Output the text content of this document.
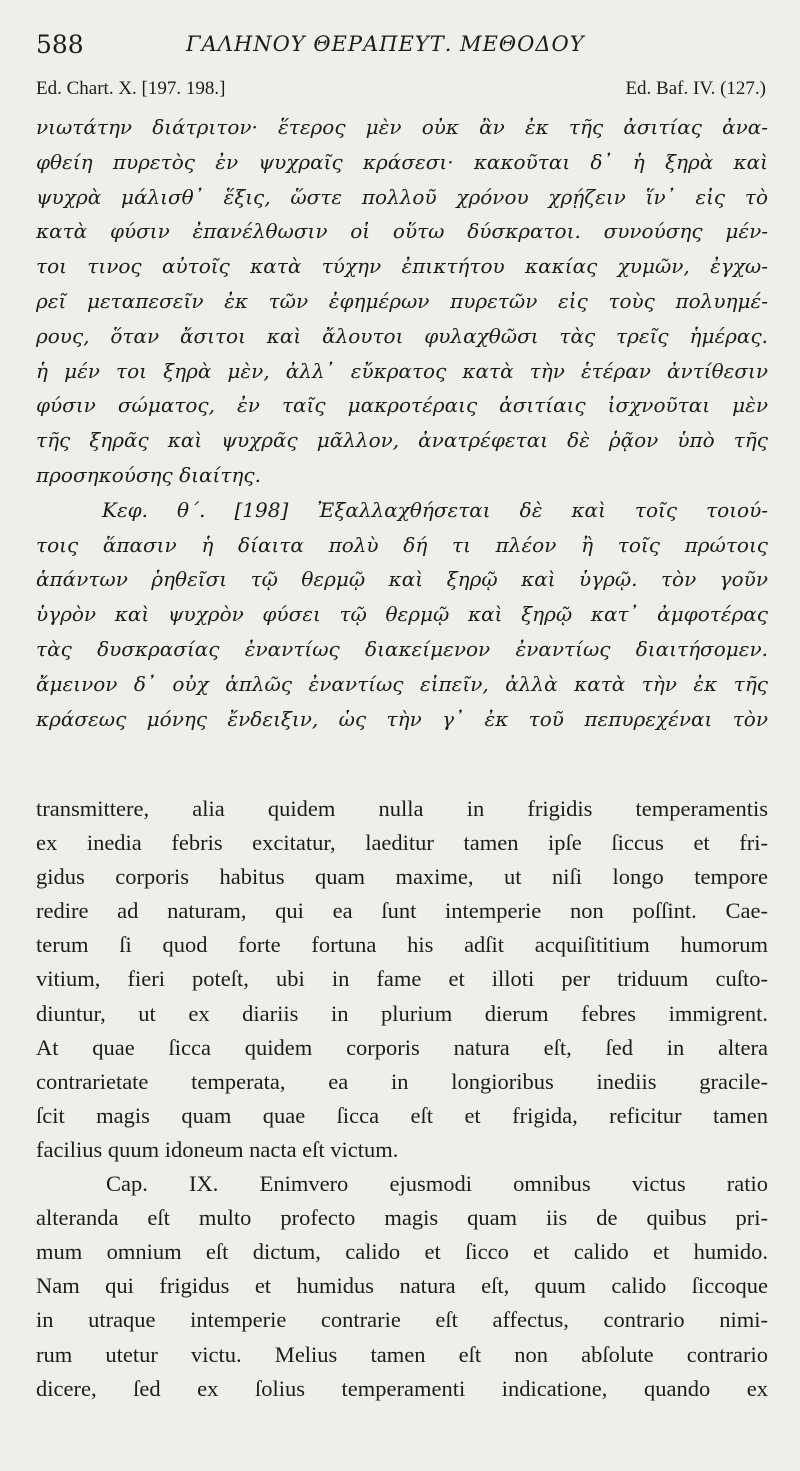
588	ΓΑΛΗΝΟΥ ΘΕΡΑΠΕΥΤ. ΜΕΘΟΔΟΥ
Ed. Chart. X. [197. 198.]	Ed. Baf. IV. (127.)
νιωτάτην διάτριτον· ἕτερος μὲν οὐκ ἂν ἐκ τῆς ἀσιτίας ἀνα-
φθείη πυρετὸς ἐν ψυχραῖς κράσεσι· κακοῦται δ᾽ ἡ ξηρὰ καὶ
ψυχρὰ μάλισθ᾽ ἕξις, ὥστε πολλοῦ χρόνου χρῄζειν ἵν᾽ εἰς τὸ
κατὰ φύσιν ἐπανέλθωσιν οἱ οὕτω δύσκρατοι. συνούσης μέν-
τοι τινος αὐτοῖς κατὰ τύχην ἐπικτήτου κακίας χυμῶν, ἐγχω-
ρεῖ μεταπεσεῖν ἐκ τῶν ἐφημέρων πυρετῶν εἰς τοὺς πολυημέ-
ρους, ὅταν ἄσιτοι καὶ ἄλουτοι φυλαχθῶσι τὰς τρεῖς ἡμέρας.
ἡ μέν τοι ξηρὰ μὲν, ἀλλ᾽ εὔκρατος κατὰ τὴν ἑτέραν ἀντίθεσιν
φύσιν σώματος, ἐν ταῖς μακροτέραις ἀσιτίαις ἰσχνοῦται μὲν
τῆς ξηρᾶς καὶ ψυχρᾶς μᾶλλον, ἀνατρέφεται δὲ ῥᾷον ὑπὸ τῆς
προσηκούσης διαίτης.
Κεφ. θ΄. [198] Ἐξαλλαχθήσεται δὲ καὶ τοῖς τοιού-
τοις ἅπασιν ἡ δίαιτα πολὺ δή τι πλέον ἢ τοῖς πρώτοις
ἁπάντων ῥηθεῖσι τῷ θερμῷ καὶ ξηρῷ καὶ ὑγρῷ. τὸν γοῦν
ὑγρὸν καὶ ψυχρὸν φύσει τῷ θερμῷ καὶ ξηρῷ κατ᾽ ἀμφοτέρας
τὰς δυσκρασίας ἐναντίως διακείμενον ἐναντίως διαιτήσομεν.
ἄμεινον δ᾽ οὐχ ἁπλῶς ἐναντίως εἰπεῖν, ἀλλὰ κατὰ τὴν ἐκ τῆς
κράσεως μόνης ἔνδειξιν, ὡς τὴν γ᾽ ἐκ τοῦ πεπυρεχέναι τὸν
transmittere, alia quidem nulla in frigidis temperamentis
ex inedia febris excitatur, laeditur tamen ipſe ſiccus et fri-
gidus corporis habitus quam maxime, ut niſi longo tempore
redire ad naturam, qui ea ſunt intemperie non poſſint. Cae-
terum ſi quod forte fortuna his adſit acquiſititium humorum
vitium, fieri poteſt, ubi in fame et illoti per triduum cuſto-
diuntur, ut ex diariis in plurium dierum febres immigrent.
At quae ſicca quidem corporis natura eſt, ſed in altera
contrarietate temperata, ea in longioribus inediis gracile-
ſcit magis quam quae ſicca eſt et frigida, reficitur tamen
facilius quum idoneum nacta eſt victum.
Cap. IX. Enimvero ejusmodi omnibus victus ratio
alteranda eſt multo profecto magis quam iis de quibus pri-
mum omnium eſt dictum, calido et ſicco et calido et humido.
Nam qui frigidus et humidus natura eſt, quum calido ſiccoque
in utraque intemperie contrarie eſt affectus, contrario nimi-
rum utetur victu. Melius tamen eſt non abſolute contrario
dicere, ſed ex ſolius temperamenti indicatione, quando ex
